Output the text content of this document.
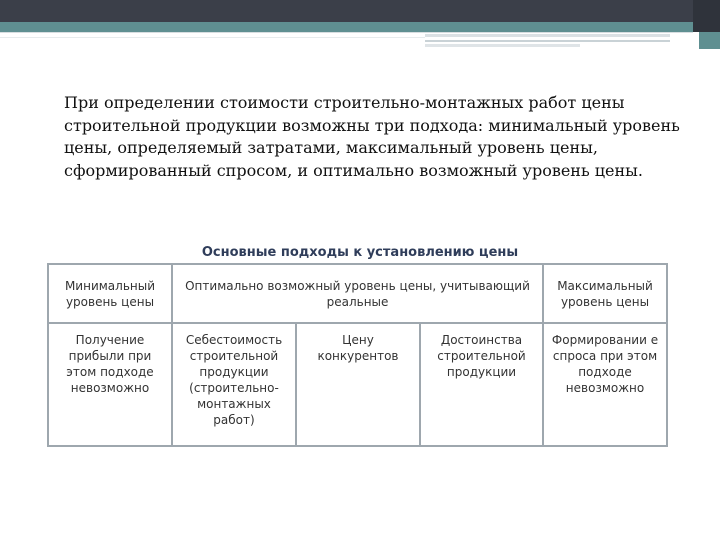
При определении стоимости строительно-монтажных работ цены строительной продукции возможны три подхода: минимальный уровень цены, определяемый затратами, максимальный уровень цены, сформированный спросом, и оптимально возможный уровень цены.
Основные подходы к установлению цены
Минимальный уровень цены	Оптимально возможный уровень цены, учитывающий реальные			Максимальный уровень цены
Получение прибыли при этом подходе невозможно	Себестоимость строительной продукции (строительно-монтажных работ)	Цену конкурентов	Достоинства строительной продукции	Формировании е спроса при этом подходе невозможно
